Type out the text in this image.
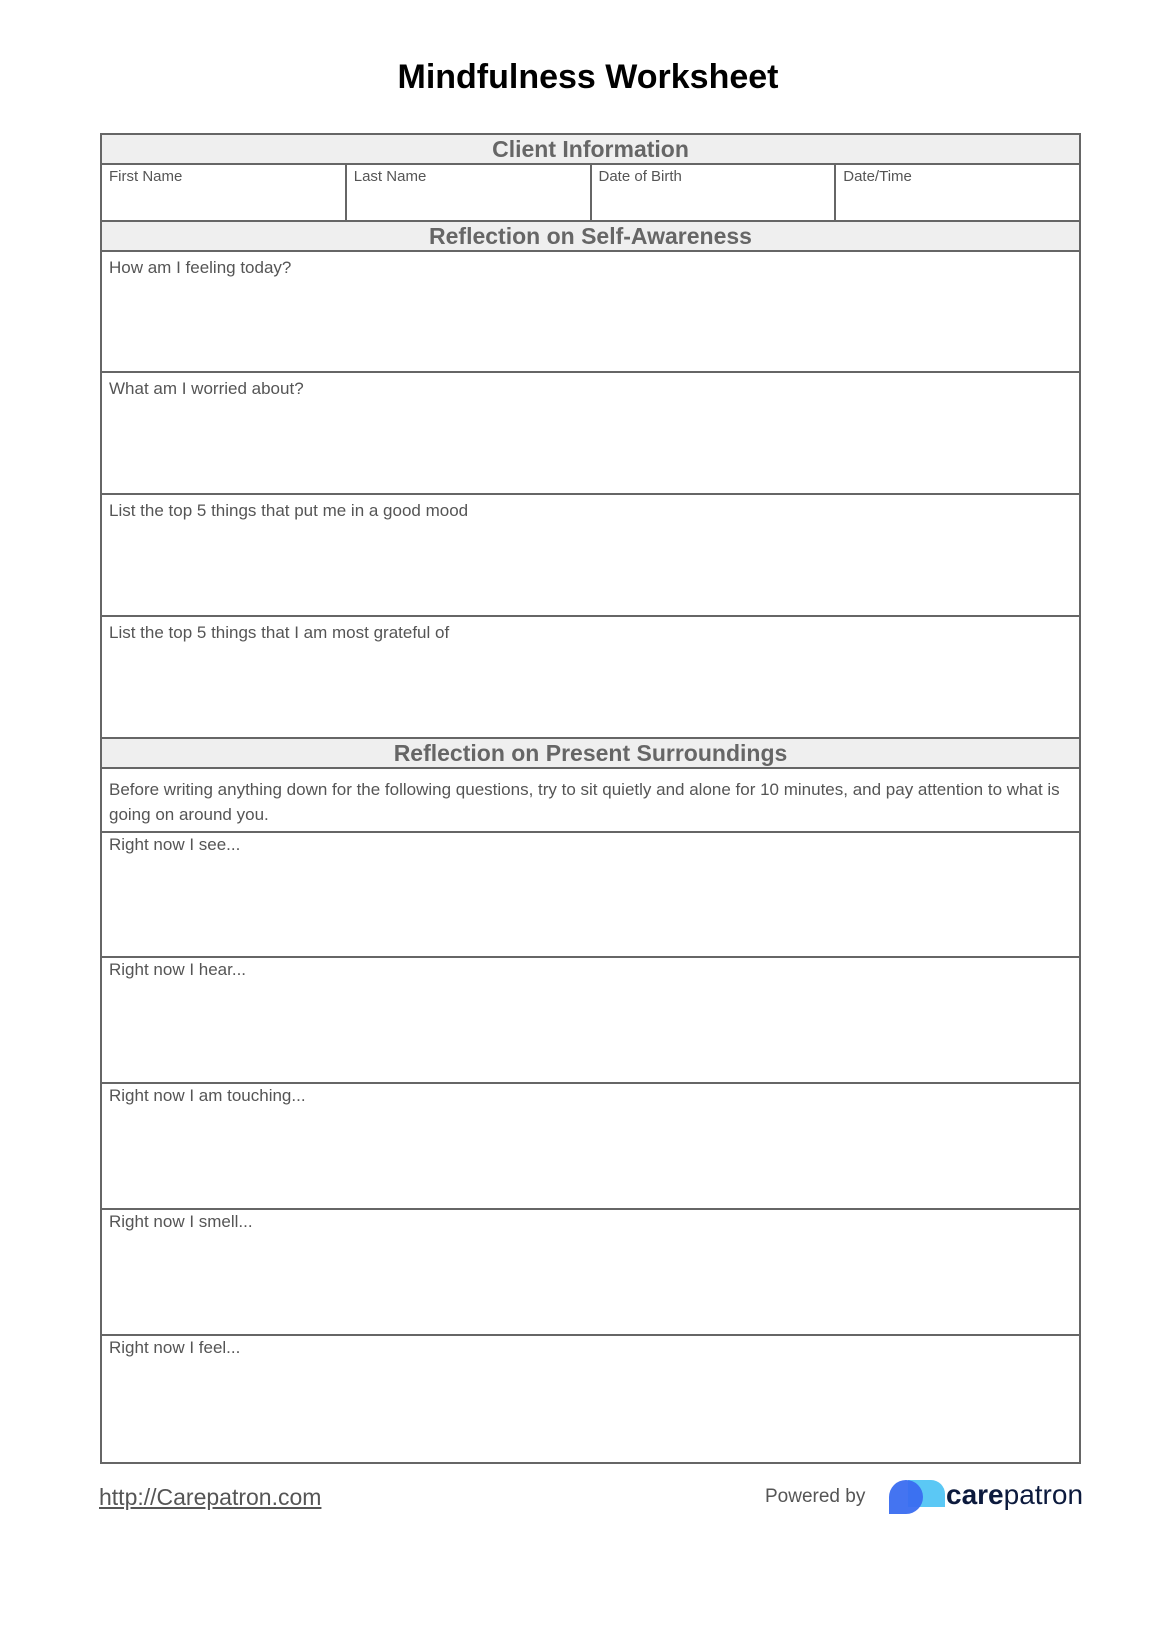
Mindfulness Worksheet
Client Information
First Name	Last Name	Date of Birth	Date/Time
Reflection on Self-Awareness
How am I feeling today?
What am I worried about?
List the top 5 things that put me in a good mood
List the top 5 things that I am most grateful of
Reflection on Present Surroundings
Before writing anything down for the following questions, try to sit quietly and alone for 10 minutes, and pay attention to what is going on around you.
Right now I see...
Right now I hear...
Right now I am touching...
Right now I smell...
Right now I feel...
http://Carepatron.com	Powered by	carepatron
